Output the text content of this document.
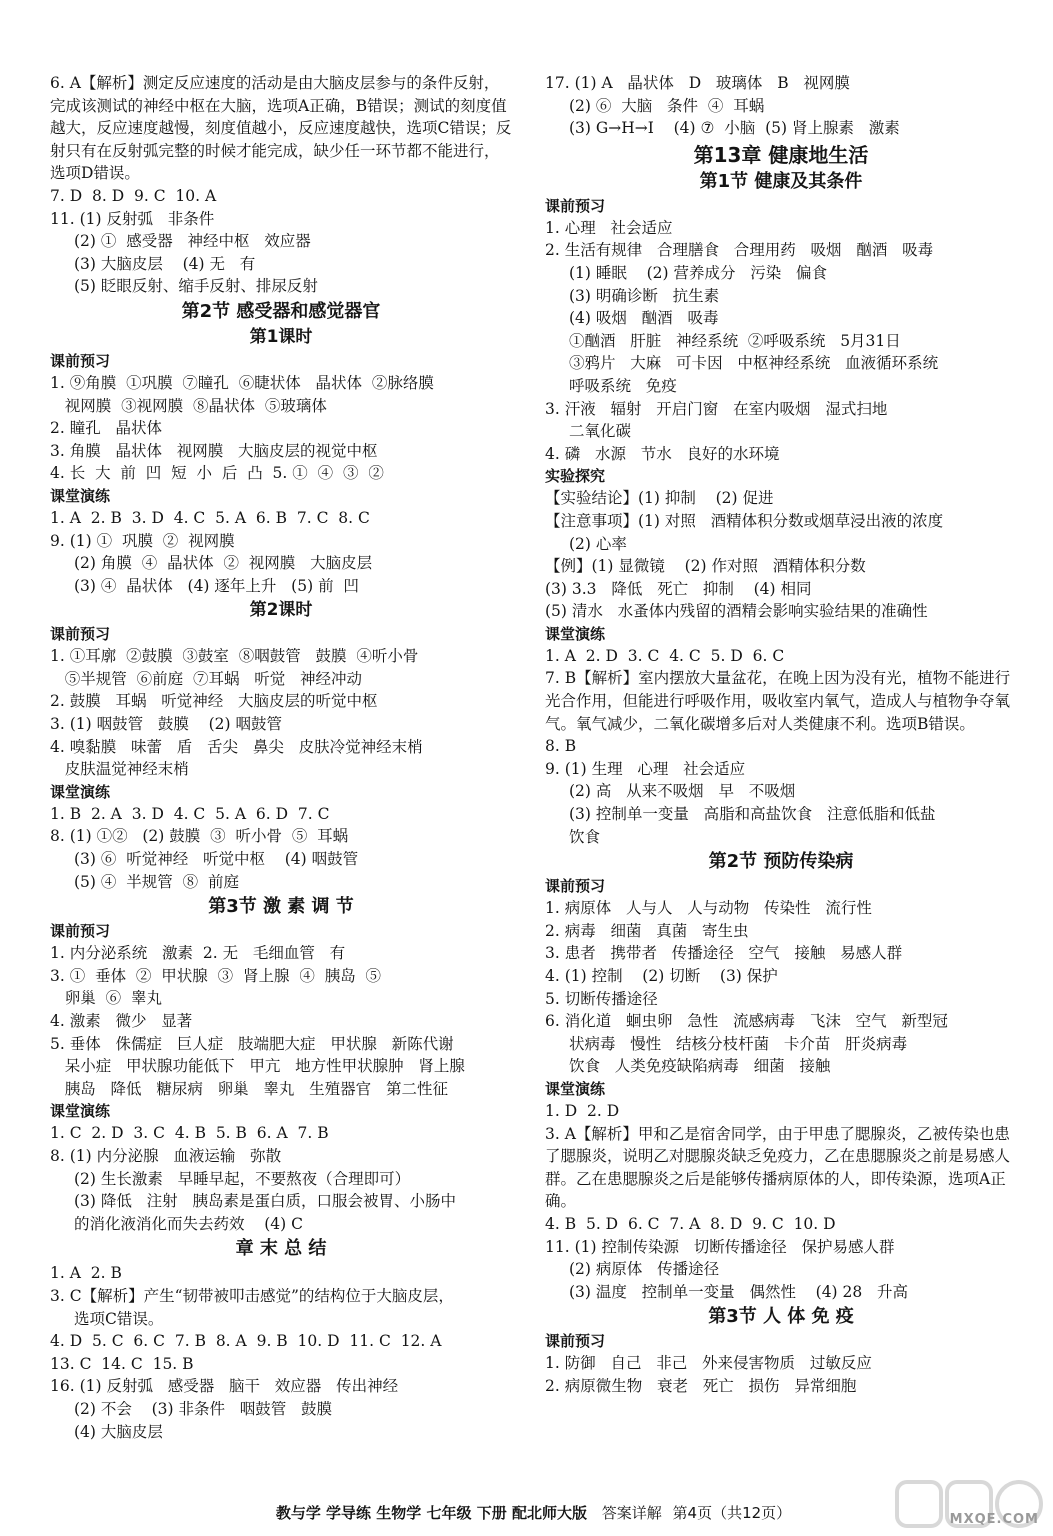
6. A【解析】测定反应速度的活动是由大脑皮层参与的条件反射，完成该测试的神经中枢在大脑，选项A正确，B错误；测试的刻度值越大，反应速度越慢，刻度值越小，反应速度越快，选项C错误；反射只有在反射弧完整的时候才能完成，缺少任一环节都不能进行，选项D错误。
7. D  8. D  9. C  10. A
11. (1) 反射弧   非条件
(2) ①  感受器   神经中枢   效应器
(3) 大脑皮层    (4) 无   有
(5) 眨眼反射、缩手反射、排尿反射
第2节 感受器和感觉器官
第1课时
课前预习
1. ⑨角膜  ①巩膜  ⑦瞳孔  ⑥睫状体   晶状体  ②脉络膜
视网膜  ③视网膜  ⑧晶状体  ⑤玻璃体
2. 瞳孔   晶状体
3. 角膜   晶状体   视网膜   大脑皮层的视觉中枢
4. 长  大  前  凹  短  小  后  凸  5. ①  ④  ③  ②
课堂演练
1. A  2. B  3. D  4. C  5. A  6. B  7. C  8. C
9. (1) ①  巩膜  ②  视网膜
(2) 角膜  ④  晶状体  ②  视网膜   大脑皮层
(3) ④  晶状体   (4) 逐年上升   (5) 前  凹
第2课时
课前预习
1. ①耳廓  ②鼓膜  ③鼓室  ⑧咽鼓管   鼓膜  ④听小骨
⑤半规管  ⑥前庭  ⑦耳蜗   听觉   神经冲动
2. 鼓膜   耳蜗   听觉神经   大脑皮层的听觉中枢
3. (1) 咽鼓管   鼓膜    (2) 咽鼓管
4. 嗅黏膜   味蕾   盾   舌尖   鼻尖   皮肤冷觉神经末梢
皮肤温觉神经末梢
课堂演练
1. B  2. A  3. D  4. C  5. A  6. D  7. C
8. (1) ①②   (2) 鼓膜  ③  听小骨  ⑤  耳蜗
(3) ⑥  听觉神经   听觉中枢    (4) 咽鼓管
(5) ④  半规管  ⑧  前庭
第3节 激 素 调 节
课前预习
1. 内分泌系统   激素  2. 无   毛细血管   有
3. ①  垂体  ②  甲状腺  ③  肾上腺  ④  胰岛  ⑤
卵巢  ⑥  睾丸
4. 激素   微少   显著
5. 垂体   侏儒症   巨人症   肢端肥大症   甲状腺   新陈代谢
呆小症   甲状腺功能低下   甲亢   地方性甲状腺肿   肾上腺
胰岛   降低   糖尿病   卵巢   睾丸   生殖器官   第二性征
课堂演练
1. C  2. D  3. C  4. B  5. B  6. A  7. B
8. (1) 内分泌腺   血液运输   弥散
(2) 生长激素   早睡早起，不要熬夜（合理即可）
(3) 降低   注射   胰岛素是蛋白质，口服会被胃、小肠中
的消化液消化而失去药效    (4) C
章 末 总 结
1. A  2. B
3. C【解析】产生“韧带被叩击感觉”的结构位于大脑皮层，
选项C错误。
4. D  5. C  6. C  7. B  8. A  9. B  10. D  11. C  12. A
13. C  14. C  15. B
16. (1) 反射弧   感受器   脑干   效应器   传出神经
(2) 不会    (3) 非条件   咽鼓管   鼓膜
(4) 大脑皮层
17. (1) A   晶状体   D   玻璃体   B   视网膜
(2) ⑥  大脑   条件  ④  耳蜗
(3) G→H→I    (4) ⑦  小脑  (5) 肾上腺素   激素
第13章 健康地生活
第1节 健康及其条件
课前预习
1. 心理   社会适应
2. 生活有规律   合理膳食   合理用药   吸烟   酗酒   吸毒
(1) 睡眠    (2) 营养成分   污染   偏食
(3) 明确诊断   抗生素
(4) 吸烟   酗酒   吸毒
①酗酒   肝脏   神经系统  ②呼吸系统   5月31日
③鸦片   大麻   可卡因   中枢神经系统   血液循环系统
呼吸系统   免疫
3. 汗液   辐射   开启门窗   在室内吸烟   湿式扫地
二氧化碳
4. 磷   水源   节水   良好的水环境
实验探究
【实验结论】(1) 抑制    (2) 促进
【注意事项】(1) 对照   酒精体积分数或烟草浸出液的浓度
(2) 心率
【例】(1) 显微镜    (2) 作对照   酒精体积分数
(3) 3.3   降低   死亡   抑制    (4) 相同
(5) 清水   水蚤体内残留的酒精会影响实验结果的准确性
课堂演练
1. A  2. D  3. C  4. C  5. D  6. C
7. B【解析】室内摆放大量盆花，在晚上因为没有光，植物不能进行光合作用，但能进行呼吸作用，吸收室内氧气，造成人与植物争夺氧气。氧气减少，二氧化碳增多后对人类健康不利。选项B错误。
8. B
9. (1) 生理   心理   社会适应
(2) 高   从来不吸烟   早   不吸烟
(3) 控制单一变量   高脂和高盐饮食   注意低脂和低盐
饮食
第2节 预防传染病
课前预习
1. 病原体   人与人   人与动物   传染性   流行性
2. 病毒   细菌   真菌   寄生虫
3. 患者   携带者   传播途径   空气   接触   易感人群
4. (1) 控制    (2) 切断    (3) 保护
5. 切断传播途径
6. 消化道   蛔虫卵   急性   流感病毒   飞沫   空气   新型冠
状病毒   慢性   结核分枝杆菌   卡介苗   肝炎病毒
饮食   人类免疫缺陷病毒   细菌   接触
课堂演练
1. D  2. D
3. A【解析】甲和乙是宿舍同学，由于甲患了腮腺炎，乙被传染也患了腮腺炎，说明乙对腮腺炎缺乏免疫力，乙在患腮腺炎之前是易感人群。乙在患腮腺炎之后是能够传播病原体的人，即传染源，选项A正确。
4. B  5. D  6. C  7. A  8. D  9. C  10. D
11. (1) 控制传染源   切断传播途径   保护易感人群
(2) 病原体   传播途径
(3) 温度   控制单一变量   偶然性    (4) 28   升高
第3节 人 体 免 疫
课前预习
1. 防御   自己   非己   外来侵害物质   过敏反应
2. 病原微生物   衰老   死亡   损伤   异常细胞
教与学 学导练 生物学 七年级 下册 配北师大版 答案详解 第4页（共12页）	MXQE.COM
